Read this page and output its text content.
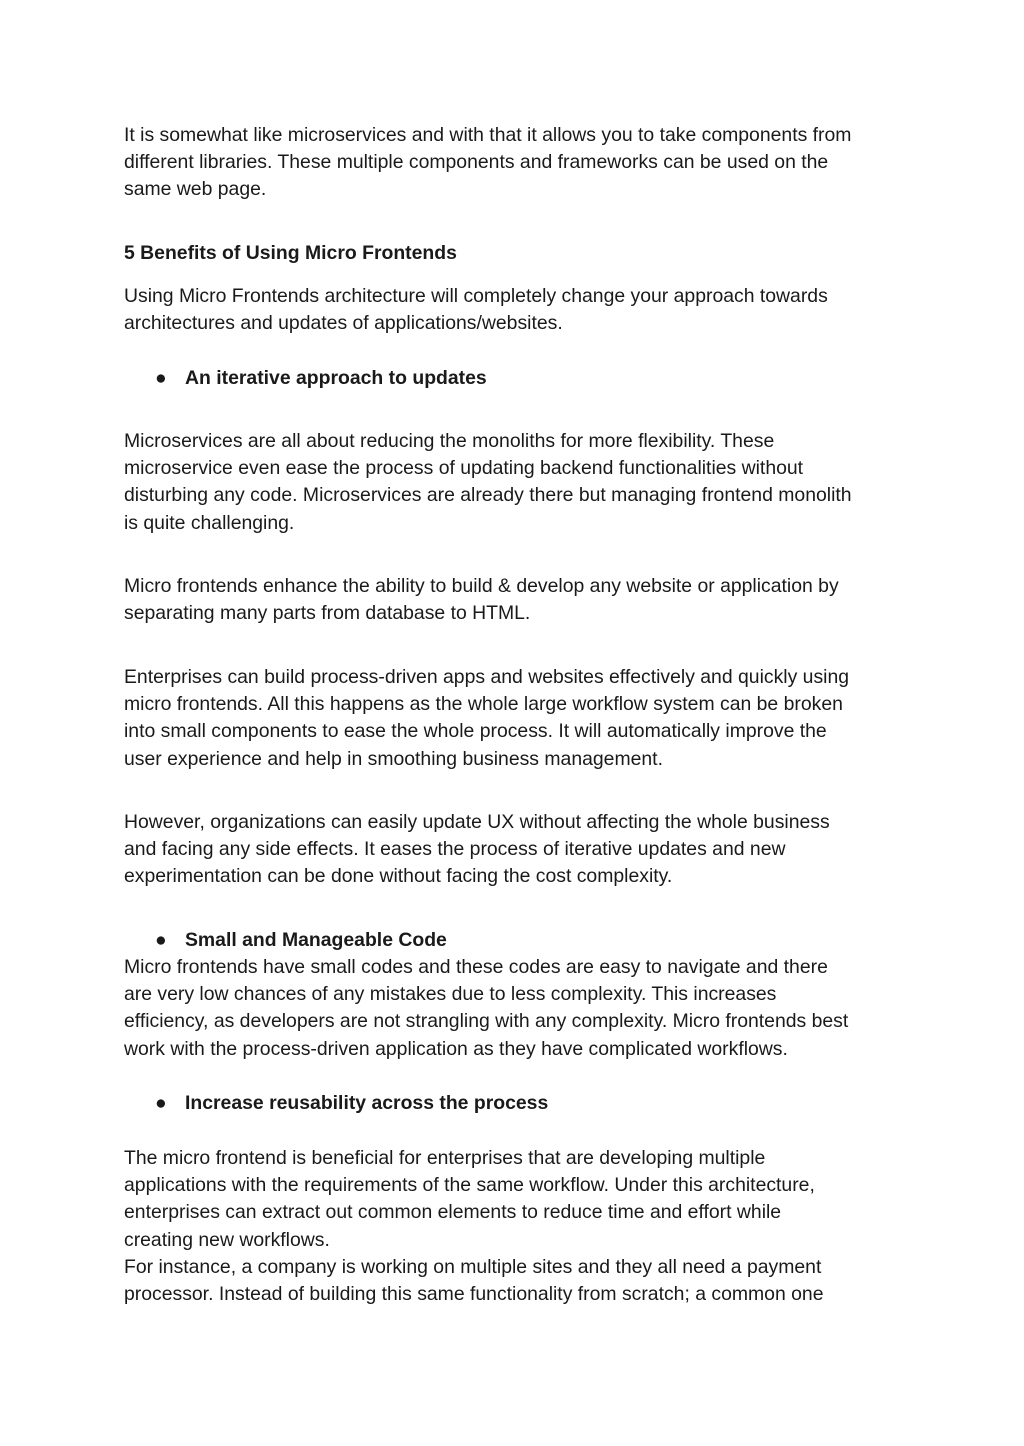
It is somewhat like microservices and with that it allows you to take components from
different libraries. These multiple components and frameworks can be used on the
same web page.
5 Benefits of Using Micro Frontends
Using Micro Frontends architecture will completely change your approach towards
architectures and updates of applications/websites.
● An iterative approach to updates
Microservices are all about reducing the monoliths for more flexibility. These
microservice even ease the process of updating backend functionalities without
disturbing any code. Microservices are already there but managing frontend monolith
is quite challenging.
Micro frontends enhance the ability to build & develop any website or application by
separating many parts from database to HTML.
Enterprises can build process-driven apps and websites effectively and quickly using
micro frontends. All this happens as the whole large workflow system can be broken
into small components to ease the whole process. It will automatically improve the
user experience and help in smoothing business management.
However, organizations can easily update UX without affecting the whole business
and facing any side effects. It eases the process of iterative updates and new
experimentation can be done without facing the cost complexity.
● Small and Manageable Code
Micro frontends have small codes and these codes are easy to navigate and there
are very low chances of any mistakes due to less complexity. This increases
efficiency, as developers are not strangling with any complexity. Micro frontends best
work with the process-driven application as they have complicated workflows.
● Increase reusability across the process
The micro frontend is beneficial for enterprises that are developing multiple
applications with the requirements of the same workflow. Under this architecture,
enterprises can extract out common elements to reduce time and effort while
creating new workflows.
For instance, a company is working on multiple sites and they all need a payment
processor. Instead of building this same functionality from scratch; a common one
